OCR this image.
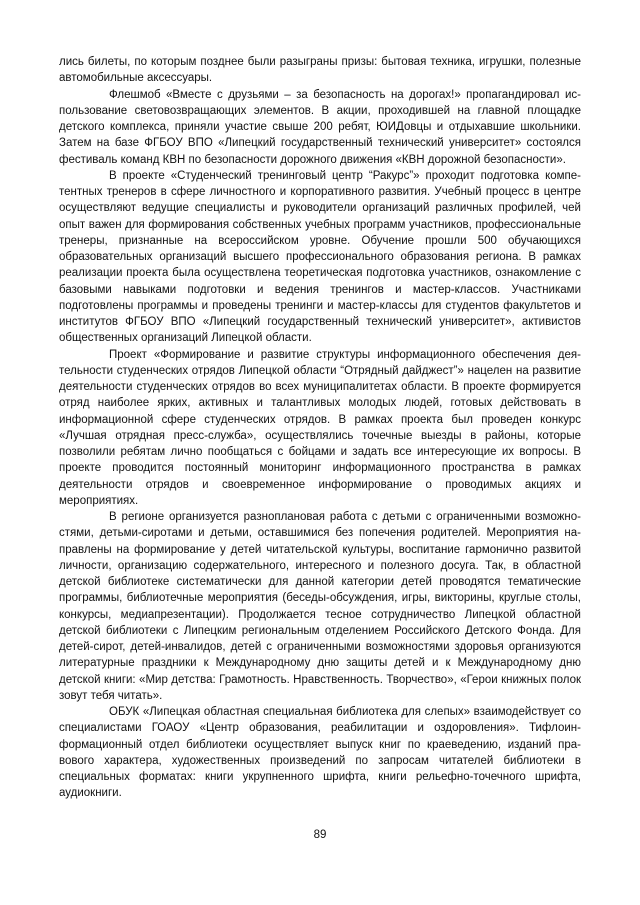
лись билеты, по которым позднее были разыграны призы: бытовая техника, игрушки, полезные автомобильные аксессуары.

Флешмоб «Вместе с друзьями – за безопасность на дорогах!» пропагандировал использование световозвращающих элементов. В акции, проходившей на главной площадке детского комплекса, приняли участие свыше 200 ребят, ЮИДовцы и отдыхавшие школьники. Затем на базе ФГБОУ ВПО «Липецкий государственный технический университет» состоялся фестиваль команд КВН по безопасности дорожного движения «КВН дорожной безопасности».

В проекте «Студенческий тренинговый центр “Ракурс”» проходит подготовка компетентных тренеров в сфере личностного и корпоративного развития. Учебный процесс в центре осуществляют ведущие специалисты и руководители организаций различных профилей, чей опыт важен для формирования собственных учебных программ участников, профессиональные тренеры, признанные на всероссийском уровне. Обучение прошли 500 обучающихся образовательных организаций высшего профессионального образования региона. В рамках реализации проекта была осуществлена теоретическая подготовка участников, ознакомление с базовыми навыками подготовки и ведения тренингов и мастер-классов. Участниками подготовлены программы и проведены тренинги и мастер-классы для студентов факультетов и институтов ФГБОУ ВПО «Липецкий государственный технический университет», активистов общественных организаций Липецкой области.

Проект «Формирование и развитие структуры информационного обеспечения деятельности студенческих отрядов Липецкой области “Отрядный дайджест”» нацелен на развитие деятельности студенческих отрядов во всех муниципалитетах области. В проекте формируется отряд наиболее ярких, активных и талантливых молодых людей, готовых действовать в информационной сфере студенческих отрядов. В рамках проекта был проведен конкурс «Лучшая отрядная пресс-служба», осуществлялись точечные выезды в районы, которые позволили ребятам лично пообщаться с бойцами и задать все интересующие их вопросы. В проекте проводится постоянный мониторинг информационного пространства в рамках деятельности отрядов и своевременное информирование о проводимых акциях и мероприятиях.

В регионе организуется разноплановая работа с детьми с ограниченными возможностями, детьми-сиротами и детьми, оставшимися без попечения родителей. Мероприятия направлены на формирование у детей читательской культуры, воспитание гармонично развитой личности, организацию содержательного, интересного и полезного досуга. Так, в областной детской библиотеке систематически для данной категории детей проводятся тематические программы, библиотечные мероприятия (беседы-обсуждения, игры, викторины, круглые столы, конкурсы, медиапрезентации). Продолжается тесное сотрудничество Липецкой областной детской библиотеки с Липецким региональным отделением Российского Детского Фонда. Для детей-сирот, детей-инвалидов, детей с ограниченными возможностями здоровья организуются литературные праздники к Международному дню защиты детей и к Международному дню детской книги: «Мир детства: Грамотность. Нравственность. Творчество», «Герои книжных полок зовут тебя читать».

ОБУК «Липецкая областная специальная библиотека для слепых» взаимодействует со специалистами ГОАОУ «Центр образования, реабилитации и оздоровления». Тифлоинформационный отдел библиотеки осуществляет выпуск книг по краеведению, изданий правового характера, художественных произведений по запросам читателей библиотеки в специальных форматах: книги укрупненного шрифта, книги рельефно-точечного шрифта, аудиокниги.

89
